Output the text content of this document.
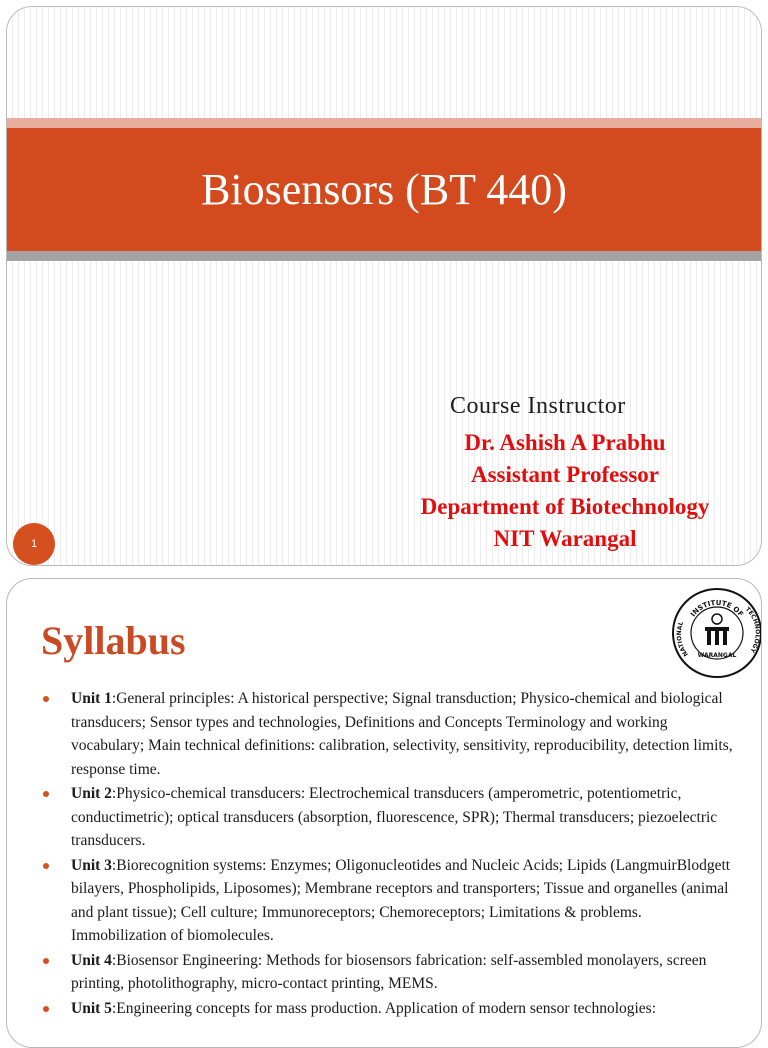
Biosensors (BT 440)
Course Instructor
Dr. Ashish A Prabhu
Assistant Professor
Department of Biotechnology
NIT Warangal
1
Syllabus
INSTITUTE OF
NATIONAL
TECHNOLOGY
WARANGAL
Unit 1:General principles: A historical perspective; Signal transduction; Physico-chemical and biological transducers; Sensor types and technologies, Definitions and Concepts Terminology and working vocabulary; Main technical definitions: calibration, selectivity, sensitivity, reproducibility, detection limits, response time.
Unit 2:Physico-chemical transducers: Electrochemical transducers (amperometric, potentiometric, conductimetric); optical transducers (absorption, fluorescence, SPR); Thermal transducers; piezoelectric transducers.
Unit 3:Biorecognition systems: Enzymes; Oligonucleotides and Nucleic Acids; Lipids (LangmuirBlodgett bilayers, Phospholipids, Liposomes); Membrane receptors and transporters; Tissue and organelles (animal and plant tissue); Cell culture; Immunoreceptors; Chemoreceptors; Limitations & problems. Immobilization of biomolecules.
Unit 4:Biosensor Engineering: Methods for biosensors fabrication: self-assembled monolayers, screen printing, photolithography, micro-contact printing, MEMS.
Unit 5:Engineering concepts for mass production. Application of modern sensor technologies:
